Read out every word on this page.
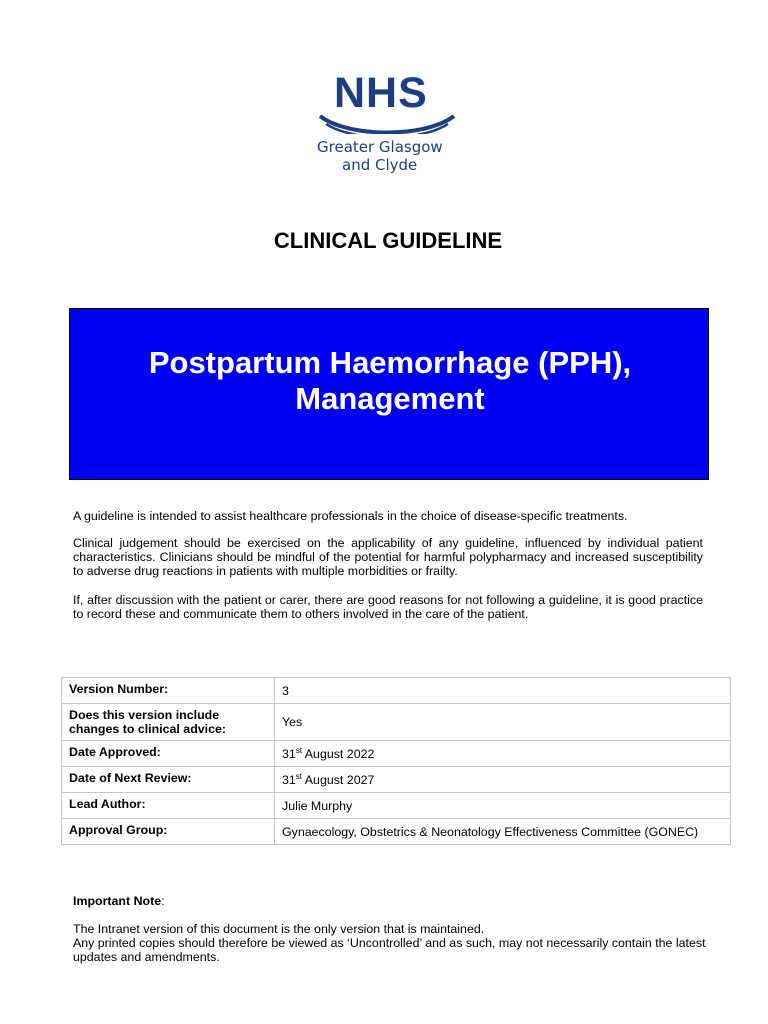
NHS
Greater Glasgow
and Clyde
CLINICAL GUIDELINE
Postpartum Haemorrhage (PPH),
Management

A guideline is intended to assist healthcare professionals in the choice of disease-specific treatments.

Clinical judgement should be exercised on the applicability of any guideline, influenced by individual patient characteristics. Clinicians should be mindful of the potential for harmful polypharmacy and increased susceptibility to adverse drug reactions in patients with multiple morbidities or frailty.

If, after discussion with the patient or carer, there are good reasons for not following a guideline, it is good practice to record these and communicate them to others involved in the care of the patient.

Version Number:	3
Does this version include changes to clinical advice:	Yes
Date Approved:	31st August 2022
Date of Next Review:	31st August 2027
Lead Author:	Julie Murphy
Approval Group:	Gynaecology, Obstetrics & Neonatology Effectiveness Committee (GONEC)
Important Note:
The Intranet version of this document is the only version that is maintained.
Any printed copies should therefore be viewed as ‘Uncontrolled’ and as such, may not necessarily contain the latest updates and amendments.
